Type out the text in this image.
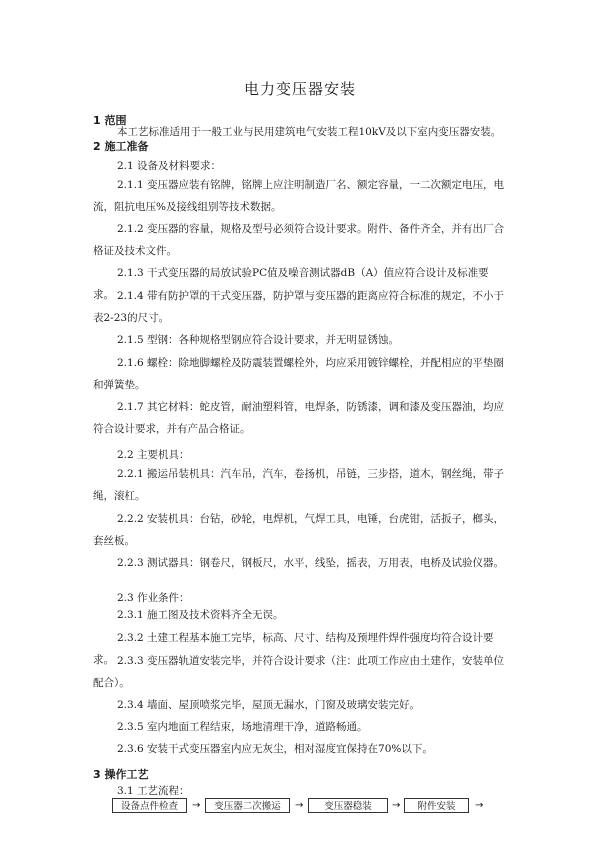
电力变压器安装
1 范围
本工艺标准适用于一般工业与民用建筑电气安装工程10kV及以下室内变压器安装。
2 施工准备
2.1 设备及材料要求：
2.1.1 变压器应装有铭牌，铭牌上应注明制造厂名、额定容量，一二次额定电压，电流，阻抗电压%及接线组别等技术数据。
2.1.2 变压器的容量，规格及型号必须符合设计要求。附件、备件齐全，并有出厂合格证及技术文件。
2.1.3 干式变压器的局放试验PC值及噪音测试器dB（A）值应符合设计及标准要求。 2.1.4 带有防护罩的干式变压器，防护罩与变压器的距离应符合标准的规定，不小于表2-23的尺寸。
2.1.5 型钢：各种规格型钢应符合设计要求，并无明显锈蚀。
2.1.6 螺栓：除地脚螺栓及防震装置螺栓外，均应采用镀锌螺栓，并配相应的平垫圈和弹簧垫。
2.1.7 其它材料：蛇皮管，耐油塑料管，电焊条，防锈漆，调和漆及变压器油，均应符合设计要求，并有产品合格证。
2.2 主要机具：
2.2.1 搬运吊装机具：汽车吊，汽车，卷扬机，吊链，三步搭，道木，钢丝绳，带子绳，滚杠。
2.2.2 安装机具：台钻，砂轮，电焊机，气焊工具，电锤，台虎钳，活扳子，榔头，套丝板。
2.2.3 测试器具：钢卷尺，钢板尺，水平，线坠，摇表，万用表，电桥及试验仪器。
2.3 作业条件：
2.3.1 施工图及技术资料齐全无误。
2.3.2 土建工程基本施工完毕，标高、尺寸、结构及预埋件焊件强度均符合设计要求。 2.3.3 变压器轨道安装完毕，并符合设计要求（注：此项工作应由土建作，安装单位配合）。
2.3.4 墙面、屋顶喷浆完毕，屋顶无漏水，门窗及玻璃安装完好。
2.3.5 室内地面工程结束，场地清理干净，道路畅通。
2.3.6 安装干式变压器室内应无灰尘，相对湿度宜保持在70%以下。
3 操作工艺
3.1 工艺流程：
设备点件检查	→	变压器二次搬运	→	变压器稳装	→	附件安装	→
